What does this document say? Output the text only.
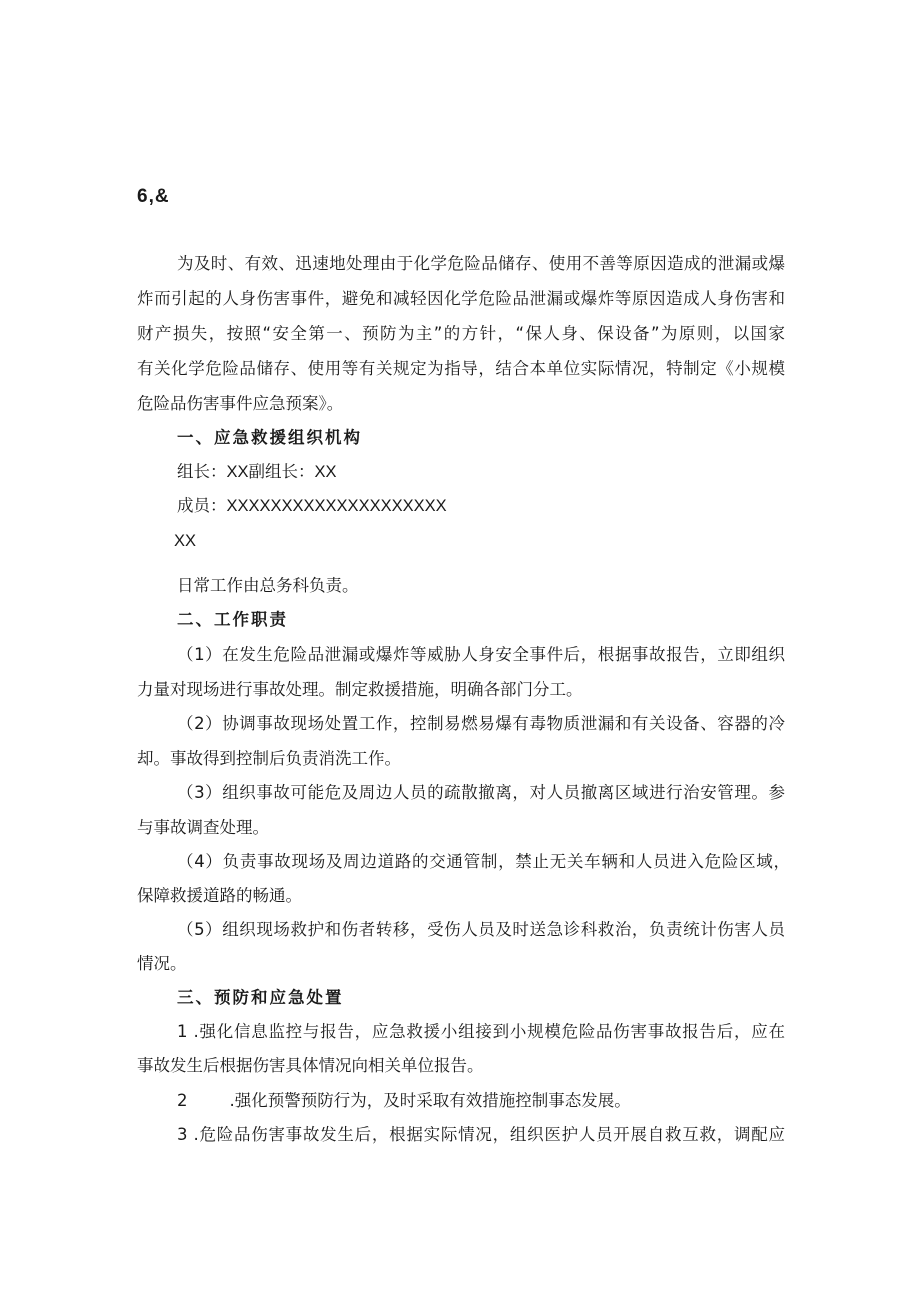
6,&
为及时、有效、迅速地处理由于化学危险品储存、使用不善等原因造成的泄漏或爆
炸而引起的人身伤害事件，避免和减轻因化学危险品泄漏或爆炸等原因造成人身伤害和
财产损失，按照“安全第一、预防为主”的方针，“保人身、保设备”为原则，以国家
有关化学危险品储存、使用等有关规定为指导，结合本单位实际情况，特制定《小规模
危险品伤害事件应急预案》。
一、应急救援组织机构
组长：XX副组长：XX
成员：XXXXXXXXXXXXXXXXXXXX
XX
日常工作由总务科负责。
二、工作职责
（1）在发生危险品泄漏或爆炸等威胁人身安全事件后，根据事故报告，立即组织
力量对现场进行事故处理。制定救援措施，明确各部门分工。
（2）协调事故现场处置工作，控制易燃易爆有毒物质泄漏和有关设备、容器的冷
却。事故得到控制后负责消洗工作。
（3）组织事故可能危及周边人员的疏散撤离，对人员撤离区域进行治安管理。参
与事故调查处理。
（4）负责事故现场及周边道路的交通管制，禁止无关车辆和人员进入危险区域，
保障救援道路的畅通。
（5）组织现场救护和伤者转移，受伤人员及时送急诊科救治，负责统计伤害人员
情况。
三、预防和应急处置
1 .强化信息监控与报告，应急救援小组接到小规模危险品伤害事故报告后，应在
事故发生后根据伤害具体情况向相关单位报告。
2        .强化预警预防行为，及时采取有效措施控制事态发展。
3 .危险品伤害事故发生后，根据实际情况，组织医护人员开展自救互救，调配应
